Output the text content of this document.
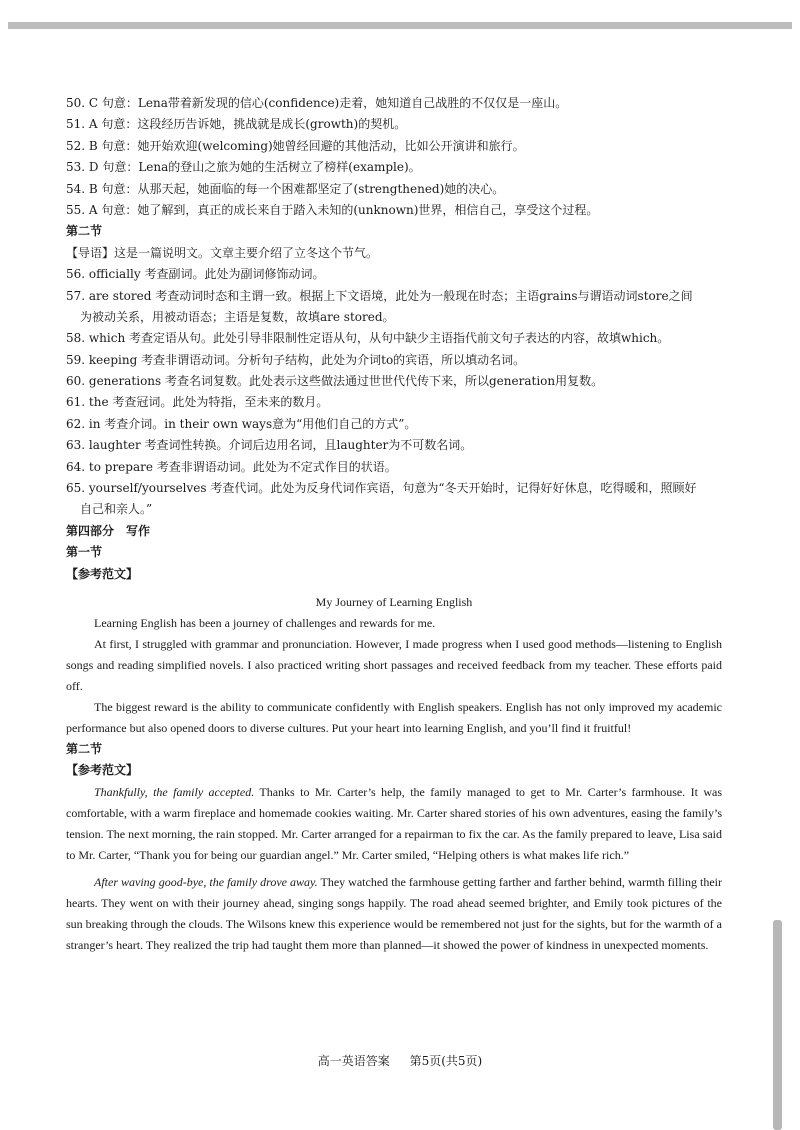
50. C 句意：Lena带着新发现的信心(confidence)走着，她知道自己战胜的不仅仅是一座山。
51. A 句意：这段经历告诉她，挑战就是成长(growth)的契机。
52. B 句意：她开始欢迎(welcoming)她曾经回避的其他活动，比如公开演讲和旅行。
53. D 句意：Lena的登山之旅为她的生活树立了榜样(example)。
54. B 句意：从那天起，她面临的每一个困难都坚定了(strengthened)她的决心。
55. A 句意：她了解到，真正的成长来自于踏入未知的(unknown)世界，相信自己，享受这个过程。
第二节
【导语】这是一篇说明文。文章主要介绍了立冬这个节气。
56. officially 考查副词。此处为副词修饰动词。
57. are stored 考查动词时态和主谓一致。根据上下文语境，此处为一般现在时态；主语grains与谓语动词store之间
为被动关系，用被动语态；主语是复数，故填are stored。
58. which 考查定语从句。此处引导非限制性定语从句，从句中缺少主语指代前文句子表达的内容，故填which。
59. keeping 考查非谓语动词。分析句子结构，此处为介词to的宾语，所以填动名词。
60. generations 考查名词复数。此处表示这些做法通过世世代代传下来，所以generation用复数。
61. the 考查冠词。此处为特指，至未来的数月。
62. in 考查介词。in their own ways意为“用他们自己的方式”。
63. laughter 考查词性转换。介词后边用名词，且laughter为不可数名词。
64. to prepare 考查非谓语动词。此处为不定式作目的状语。
65. yourself/yourselves 考查代词。此处为反身代词作宾语，句意为“冬天开始时，记得好好休息，吃得暖和，照顾好
自己和亲人。”
第四部分　写作
第一节
【参考范文】
My Journey of Learning English

Learning English has been a journey of challenges and rewards for me.

At first, I struggled with grammar and pronunciation. However, I made progress when I used good methods—listening to English songs and reading simplified novels. I also practiced writing short passages and received feedback from my teacher. These efforts paid off.

The biggest reward is the ability to communicate confidently with English speakers. English has not only improved my academic performance but also opened doors to diverse cultures. Put your heart into learning English, and you’ll find it fruitful!

第二节
【参考范文】

Thankfully, the family accepted. Thanks to Mr. Carter’s help, the family managed to get to Mr. Carter’s farmhouse. It was comfortable, with a warm fireplace and homemade cookies waiting. Mr. Carter shared stories of his own adventures, easing the family’s tension. The next morning, the rain stopped. Mr. Carter arranged for a repairman to fix the car. As the family prepared to leave, Lisa said to Mr. Carter, “Thank you for being our guardian angel.” Mr. Carter smiled, “Helping others is what makes life rich.”

After waving good-bye, the family drove away. They watched the farmhouse getting farther and farther behind, warmth filling their hearts. They went on with their journey ahead, singing songs happily. The road ahead seemed brighter, and Emily took pictures of the sun breaking through the clouds. The Wilsons knew this experience would be remembered not just for the sights, but for the warmth of a stranger’s heart. They realized the trip had taught them more than planned—it showed the power of kindness in unexpected moments.

高一英语答案 第5页(共5页)
